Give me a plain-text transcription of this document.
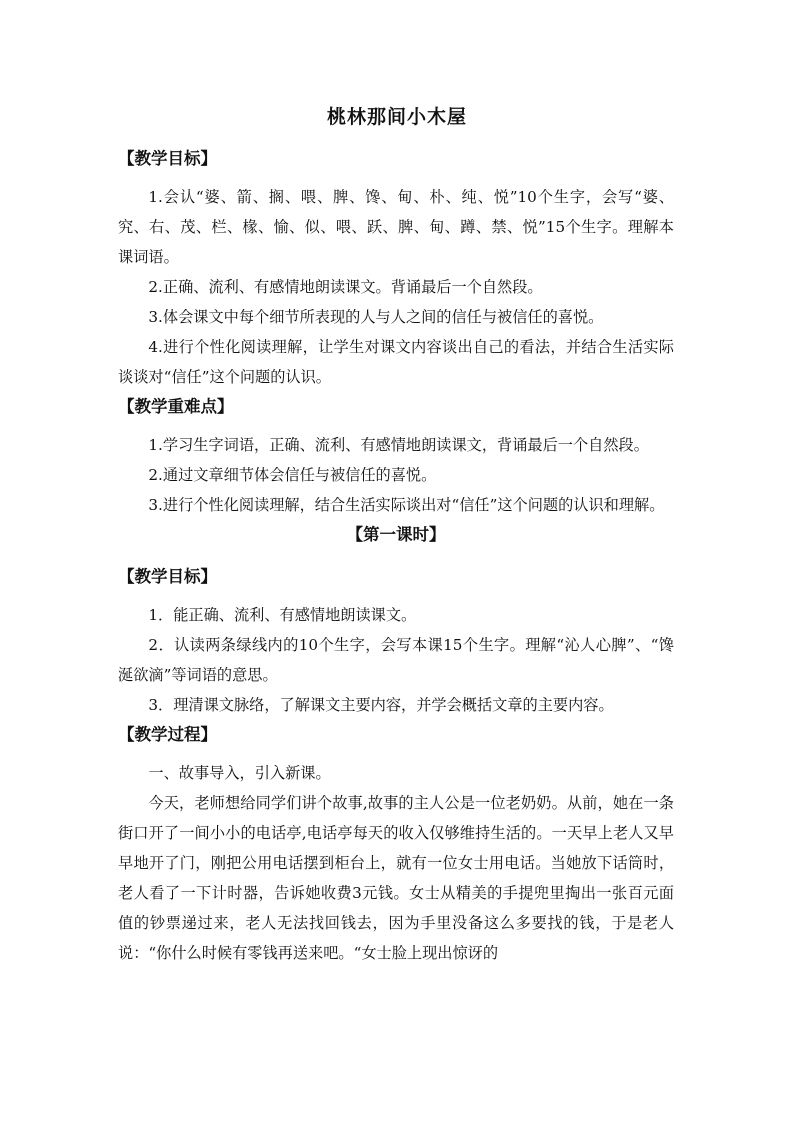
桃林那间小木屋
【教学目标】

1.会认“婆、箭、搁、喂、脾、馋、甸、朴、纯、悦”10个生字，会写“婆、究、右、茂、栏、椽、愉、似、喂、跃、脾、甸、蹲、禁、悦”15个生字。理解本课词语。

2.正确、流利、有感情地朗读课文。背诵最后一个自然段。

3.体会课文中每个细节所表现的人与人之间的信任与被信任的喜悦。

4.进行个性化阅读理解，让学生对课文内容谈出自己的看法，并结合生活实际谈谈对“信任”这个问题的认识。

【教学重难点】

1.学习生字词语，正确、流利、有感情地朗读课文，背诵最后一个自然段。

2.通过文章细节体会信任与被信任的喜悦。

3.进行个性化阅读理解，结合生活实际谈出对“信任”这个问题的认识和理解。

【第一课时】
【教学目标】

1．能正确、流利、有感情地朗读课文。

2．认读两条绿线内的10个生字，会写本课15个生字。理解“沁人心脾”、“馋涎欲滴”等词语的意思。

3．理清课文脉络，了解课文主要内容，并学会概括文章的主要内容。

【教学过程】

一、故事导入，引入新课。

今天，老师想给同学们讲个故事,故事的主人公是一位老奶奶。从前，她在一条街口开了一间小小的电话亭,电话亭每天的收入仅够维持生活的。一天早上老人又早早地开了门，刚把公用电话摆到柜台上，就有一位女士用电话。当她放下话筒时，老人看了一下计时器，告诉她收费3元钱。女士从精美的手提兜里掏出一张百元面值的钞票递过来，老人无法找回钱去，因为手里没备这么多要找的钱，于是老人说：“你什么时候有零钱再送来吧。“女士脸上现出惊讶的
